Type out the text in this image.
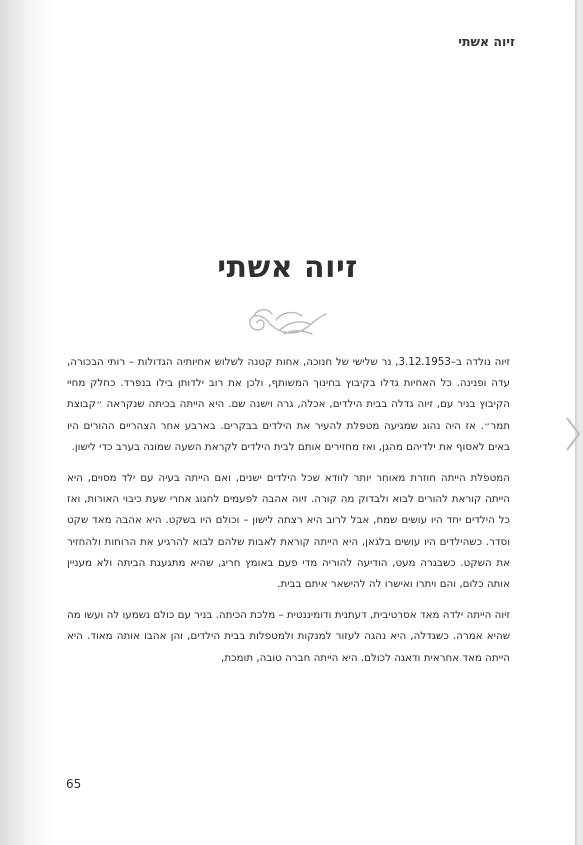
זיוה אשתי
זיוה אשתי

זיוה נולדה ב–3.12.1953, נר שלישי של חנוכה, אחות קטנה לשלוש אחיותיה הגדולות – רותי הבכורה, עדה ופנינה. כל האחיות גדלו בקיבוץ בחינוך המשותף, ולכן את רוב ילדותן בילו בנפרד. כחלק מחיי הקיבוץ בניר עם, זיוה גדלה בבית הילדים, אכלה, גרה וישנה שם. היא הייתה בכיתה שנקראה ״קבוצת תמר״. אז היה נהוג שמגיעה מטפלת להעיר את הילדים בבקרים. בארבע אחר הצהריים ההורים היו באים לאסוף את ילדיהם מהגן, ואז מחזירים אותם לבית הילדים לקראת השעה שמונה בערב כדי לישון.

המטפלת הייתה חוזרת מאוחר יותר לוודא שכל הילדים ישנים, ואם הייתה בעיה עם ילד מסוים, היא הייתה קוראת להורים לבוא ולבדוק מה קורה. זיוה אהבה לפעמים לחגוג אחרי שעת כיבוי האורות, ואז כל הילדים יחד היו עושים שמח, אבל לרוב היא רצתה לישון – וכולם היו בשקט. היא אהבה מאד שקט וסדר. כשהילדים היו עושים בלגאן, היא הייתה קוראת לאבות שלהם לבוא להרגיע את הרוחות ולהחזיר את השקט. כשבגרה מעט, הודיעה להוריה מדי פעם באומץ חריג, שהיא מתגעגת הביתה ולא מעניין אותה כלום, והם ויתרו ואישרו לה להישאר איתם בבית.

זיוה הייתה ילדה מאד אסרטיבית, דעתנית ודומיננטית – מלכת הכיתה. בניר עם כולם נשמעו לה ועשו מה שהיא אמרה. כשגדלה, היא נהגה לעזור למנקות ולמטפלות בבית הילדים, והן אהבו אותה מאוד. היא הייתה מאד אחראית ודאגה לכולם. היא הייתה חברה טובה, תומכת,

65
